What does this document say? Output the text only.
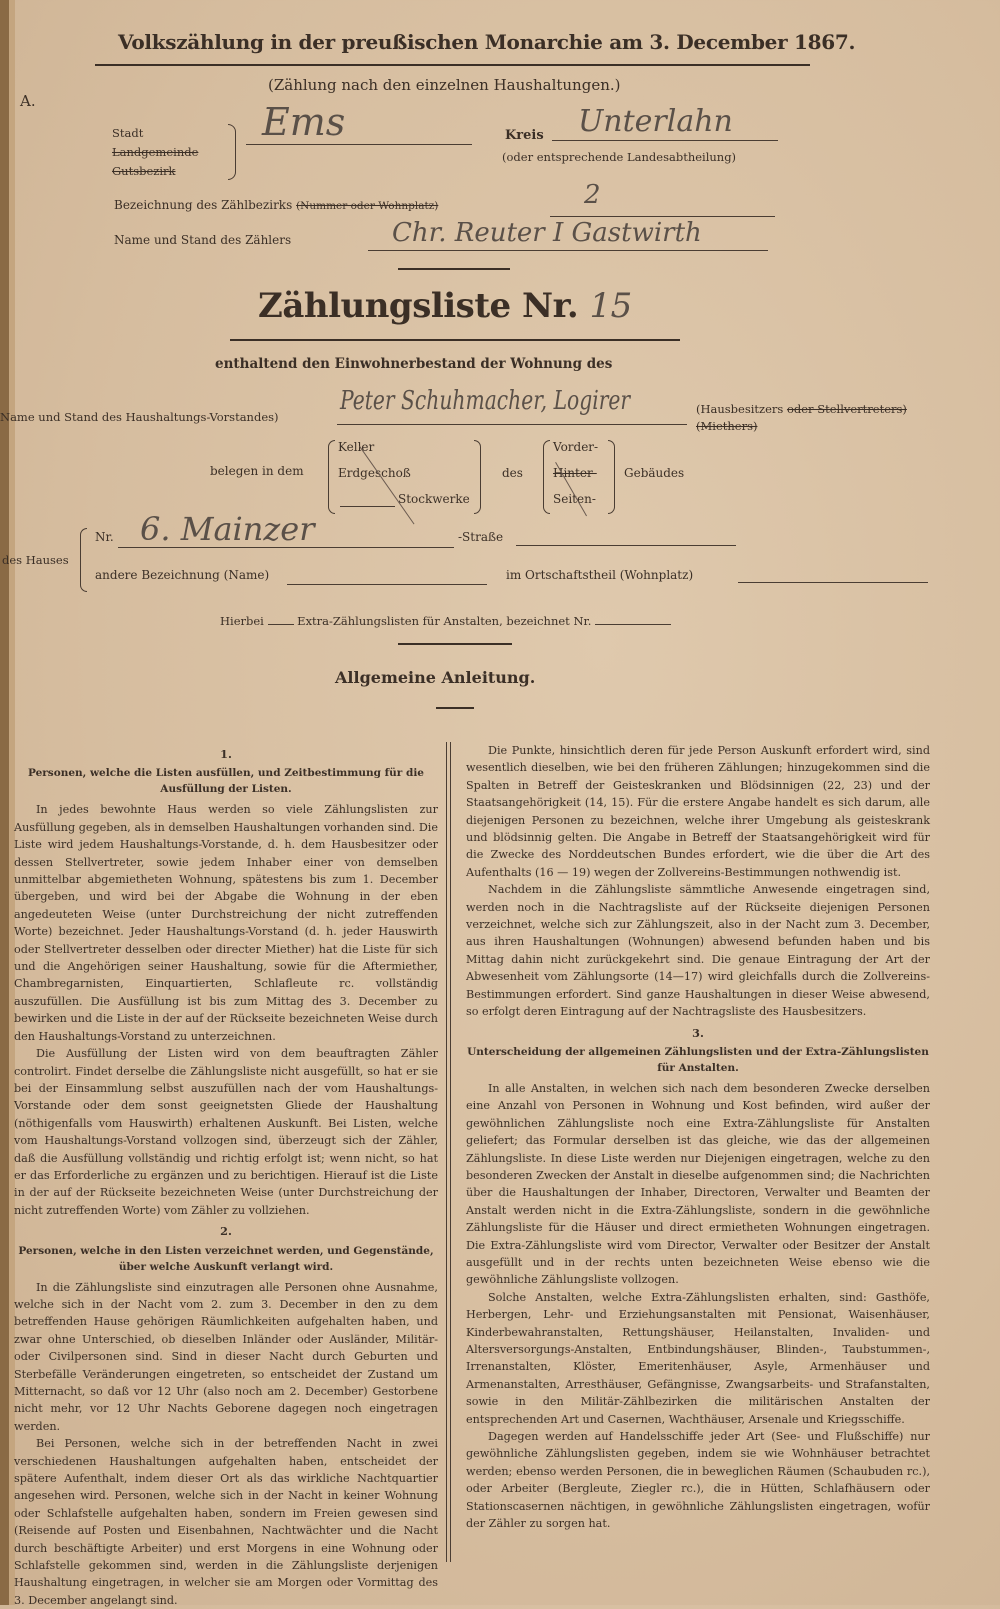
Volkszählung in der preußischen Monarchie am 3. December 1867.
(Zählung nach den einzelnen Haushaltungen.)
A.
Stadt
Landgemeinde
Gutsbezirk
Ems	Kreis Unterlahn
(oder entsprechende Landesabtheilung)
Bezeichnung des Zählbezirks (Nummer oder Wohnplatz)	2
Name und Stand des Zählers	Chr. Reuter I Gastwirth
Zählungsliste Nr. 15
enthaltend den Einwohnerbestand der Wohnung des
Name und Stand des Haushaltungs-Vorstandes)
Peter Schuhmacher, Logirer	(Hausbesitzers oder Stellvertreters)
(Miethers)
belegen in dem
Keller
Erdgeschoß
Stockwerke
des
Vorder-
Hinter-
Seiten-
Gebäudes
des Hauses
Nr. 6. Mainzer	-Straße
andere Bezeichnung (Name)	im Ortschaftstheil (Wohnplatz)
Hierbei	Extra-Zählungslisten für Anstalten, bezeichnet Nr.
Allgemeine Anleitung.
1.
Personen, welche die Listen ausfüllen, und Zeitbestimmung für die Ausfüllung der Listen.

In jedes bewohnte Haus werden so viele Zählungslisten zur Ausfüllung gegeben, als in demselben Haushaltungen vorhanden sind. Die Liste wird jedem Haushaltungs-Vorstande, d. h. dem Hausbesitzer oder dessen Stellvertreter, sowie jedem Inhaber einer von demselben unmittelbar abgemietheten Wohnung, spätestens bis zum 1. December übergeben, und wird bei der Abgabe die Wohnung in der eben angedeuteten Weise (unter Durchstreichung der nicht zutreffenden Worte) bezeichnet. Jeder Haushaltungs-Vorstand (d. h. jeder Hauswirth oder Stellvertreter desselben oder directer Miether) hat die Liste für sich und die Angehörigen seiner Haushaltung, sowie für die Aftermiether, Chambregarnisten, Einquartierten, Schlafleute rc. vollständig auszufüllen. Die Ausfüllung ist bis zum Mittag des 3. December zu bewirken und die Liste in der auf der Rückseite bezeichneten Weise durch den Haushaltungs-Vorstand zu unterzeichnen.

Die Ausfüllung der Listen wird von dem beauftragten Zähler controlirt. Findet derselbe die Zählungsliste nicht ausgefüllt, so hat er sie bei der Einsammlung selbst auszufüllen nach der vom Haushaltungs-Vorstande oder dem sonst geeignetsten Gliede der Haushaltung (nöthigenfalls vom Hauswirth) erhaltenen Auskunft. Bei Listen, welche vom Haushaltungs-Vorstand vollzogen sind, überzeugt sich der Zähler, daß die Ausfüllung vollständig und richtig erfolgt ist; wenn nicht, so hat er das Erforderliche zu ergänzen und zu berichtigen. Hierauf ist die Liste in der auf der Rückseite bezeichneten Weise (unter Durchstreichung der nicht zutreffenden Worte) vom Zähler zu vollziehen.

2.
Personen, welche in den Listen verzeichnet werden, und Gegenstände, über welche Auskunft verlangt wird.

In die Zählungsliste sind einzutragen alle Personen ohne Ausnahme, welche sich in der Nacht vom 2. zum 3. December in den zu dem betreffenden Hause gehörigen Räumlichkeiten aufgehalten haben, und zwar ohne Unterschied, ob dieselben Inländer oder Ausländer, Militär- oder Civilpersonen sind. Sind in dieser Nacht durch Geburten und Sterbefälle Veränderungen eingetreten, so entscheidet der Zustand um Mitternacht, so daß vor 12 Uhr (also noch am 2. December) Gestorbene nicht mehr, vor 12 Uhr Nachts Geborene dagegen noch eingetragen werden.

Bei Personen, welche sich in der betreffenden Nacht in zwei verschiedenen Haushaltungen aufgehalten haben, entscheidet der spätere Aufenthalt, indem dieser Ort als das wirkliche Nachtquartier angesehen wird. Personen, welche sich in der Nacht in keiner Wohnung oder Schlafstelle aufgehalten haben, sondern im Freien gewesen sind (Reisende auf Posten und Eisenbahnen, Nachtwächter und die Nacht durch beschäftigte Arbeiter) und erst Morgens in eine Wohnung oder Schlafstelle gekommen sind, werden in die Zählungsliste derjenigen Haushaltung eingetragen, in welcher sie am Morgen oder Vormittag des 3. December angelangt sind.

Die Punkte, hinsichtlich deren für jede Person Auskunft erfordert wird, sind wesentlich dieselben, wie bei den früheren Zählungen; hinzugekommen sind die Spalten in Betreff der Geisteskranken und Blödsinnigen (22, 23) und der Staatsangehörigkeit (14, 15). Für die erstere Angabe handelt es sich darum, alle diejenigen Personen zu bezeichnen, welche ihrer Umgebung als geisteskrank und blödsinnig gelten. Die Angabe in Betreff der Staatsangehörigkeit wird für die Zwecke des Norddeutschen Bundes erfordert, wie die über die Art des Aufenthalts (16 — 19) wegen der Zollvereins-Bestimmungen nothwendig ist.

Nachdem in die Zählungsliste sämmtliche Anwesende eingetragen sind, werden noch in die Nachtragsliste auf der Rückseite diejenigen Personen verzeichnet, welche sich zur Zählungszeit, also in der Nacht zum 3. December, aus ihren Haushaltungen (Wohnungen) abwesend befunden haben und bis Mittag dahin nicht zurückgekehrt sind. Die genaue Eintragung der Art der Abwesenheit vom Zählungsorte (14—17) wird gleichfalls durch die Zollvereins-Bestimmungen erfordert. Sind ganze Haushaltungen in dieser Weise abwesend, so erfolgt deren Eintragung auf der Nachtragsliste des Hausbesitzers.

3.
Unterscheidung der allgemeinen Zählungslisten und der Extra-Zählungslisten für Anstalten.

In alle Anstalten, in welchen sich nach dem besonderen Zwecke derselben eine Anzahl von Personen in Wohnung und Kost befinden, wird außer der gewöhnlichen Zählungsliste noch eine Extra-Zählungsliste für Anstalten geliefert; das Formular derselben ist das gleiche, wie das der allgemeinen Zählungsliste. In diese Liste werden nur Diejenigen eingetragen, welche zu den besonderen Zwecken der Anstalt in dieselbe aufgenommen sind; die Nachrichten über die Haushaltungen der Inhaber, Directoren, Verwalter und Beamten der Anstalt werden nicht in die Extra-Zählungsliste, sondern in die gewöhnliche Zählungsliste für die Häuser und direct ermietheten Wohnungen eingetragen. Die Extra-Zählungsliste wird vom Director, Verwalter oder Besitzer der Anstalt ausgefüllt und in der rechts unten bezeichneten Weise ebenso wie die gewöhnliche Zählungsliste vollzogen.

Solche Anstalten, welche Extra-Zählungslisten erhalten, sind: Gasthöfe, Herbergen, Lehr- und Erziehungsanstalten mit Pensionat, Waisenhäuser, Kinderbewahranstalten, Rettungshäuser, Heilanstalten, Invaliden- und Altersversorgungs-Anstalten, Entbindungshäuser, Blinden-, Taubstummen-, Irrenanstalten, Klöster, Emeritenhäuser, Asyle, Armenhäuser und Armenanstalten, Arresthäuser, Gefängnisse, Zwangsarbeits- und Strafanstalten, sowie in den Militär-Zählbezirken die militärischen Anstalten der entsprechenden Art und Casernen, Wachthäuser, Arsenale und Kriegsschiffe.

Dagegen werden auf Handelsschiffe jeder Art (See- und Flußschiffe) nur gewöhnliche Zählungslisten gegeben, indem sie wie Wohnhäuser betrachtet werden; ebenso werden Personen, die in beweglichen Räumen (Schaubuden rc.), oder Arbeiter (Bergleute, Ziegler rc.), die in Hütten, Schlafhäusern oder Stationscasernen nächtigen, in gewöhnliche Zählungslisten eingetragen, wofür der Zähler zu sorgen hat.
